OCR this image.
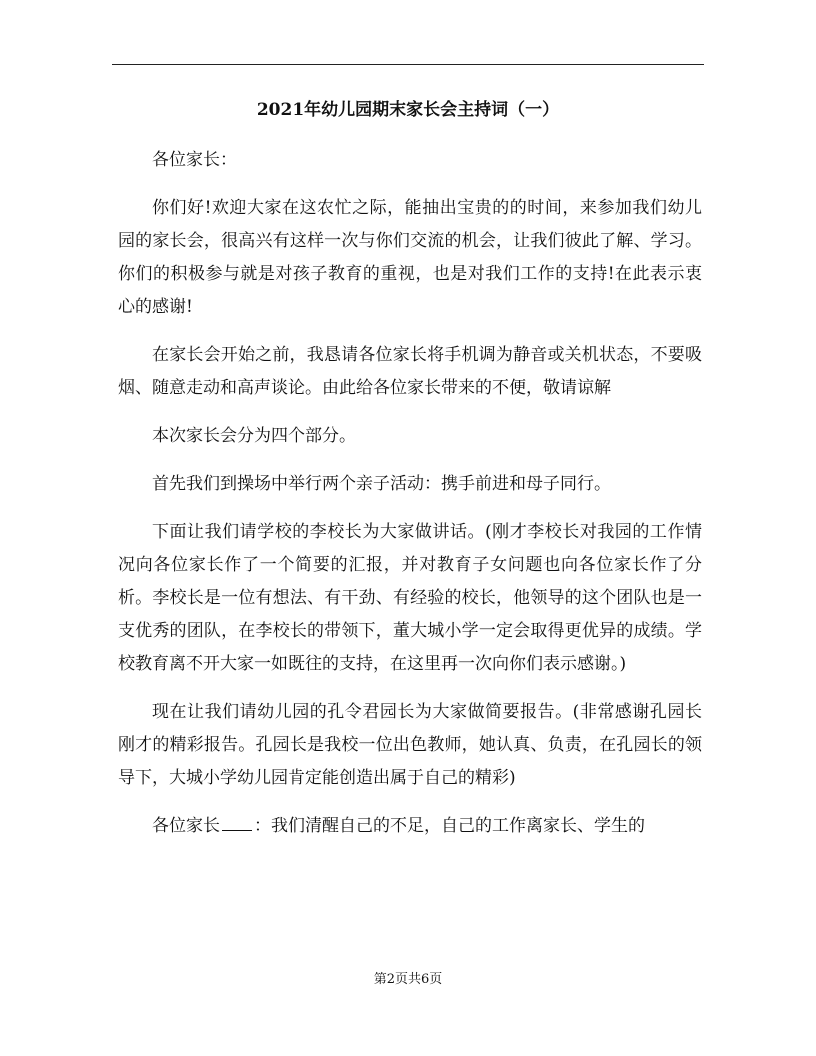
2021年幼儿园期末家长会主持词（一）

各位家长：

你们好!欢迎大家在这农忙之际，能抽出宝贵的的时间，来参加我们幼儿园的家长会，很高兴有这样一次与你们交流的机会，让我们彼此了解、学习。你们的积极参与就是对孩子教育的重视，也是对我们工作的支持!在此表示衷心的感谢!

在家长会开始之前，我恳请各位家长将手机调为静音或关机状态，不要吸烟、随意走动和高声谈论。由此给各位家长带来的不便，敬请谅解

本次家长会分为四个部分。

首先我们到操场中举行两个亲子活动：携手前进和母子同行。

下面让我们请学校的李校长为大家做讲话。(刚才李校长对我园的工作情况向各位家长作了一个简要的汇报，并对教育子女问题也向各位家长作了分析。李校长是一位有想法、有干劲、有经验的校长，他领导的这个团队也是一支优秀的团队，在李校长的带领下，董大城小学一定会取得更优异的成绩。学校教育离不开大家一如既往的支持，在这里再一次向你们表示感谢。)

现在让我们请幼儿园的孔令君园长为大家做简要报告。(非常感谢孔园长刚才的精彩报告。孔园长是我校一位出色教师，她认真、负责，在孔园长的领导下，大城小学幼儿园肯定能创造出属于自己的精彩)

各位家长 ：我们清醒自己的不足，自己的工作离家长、学生的

第2页共6页
